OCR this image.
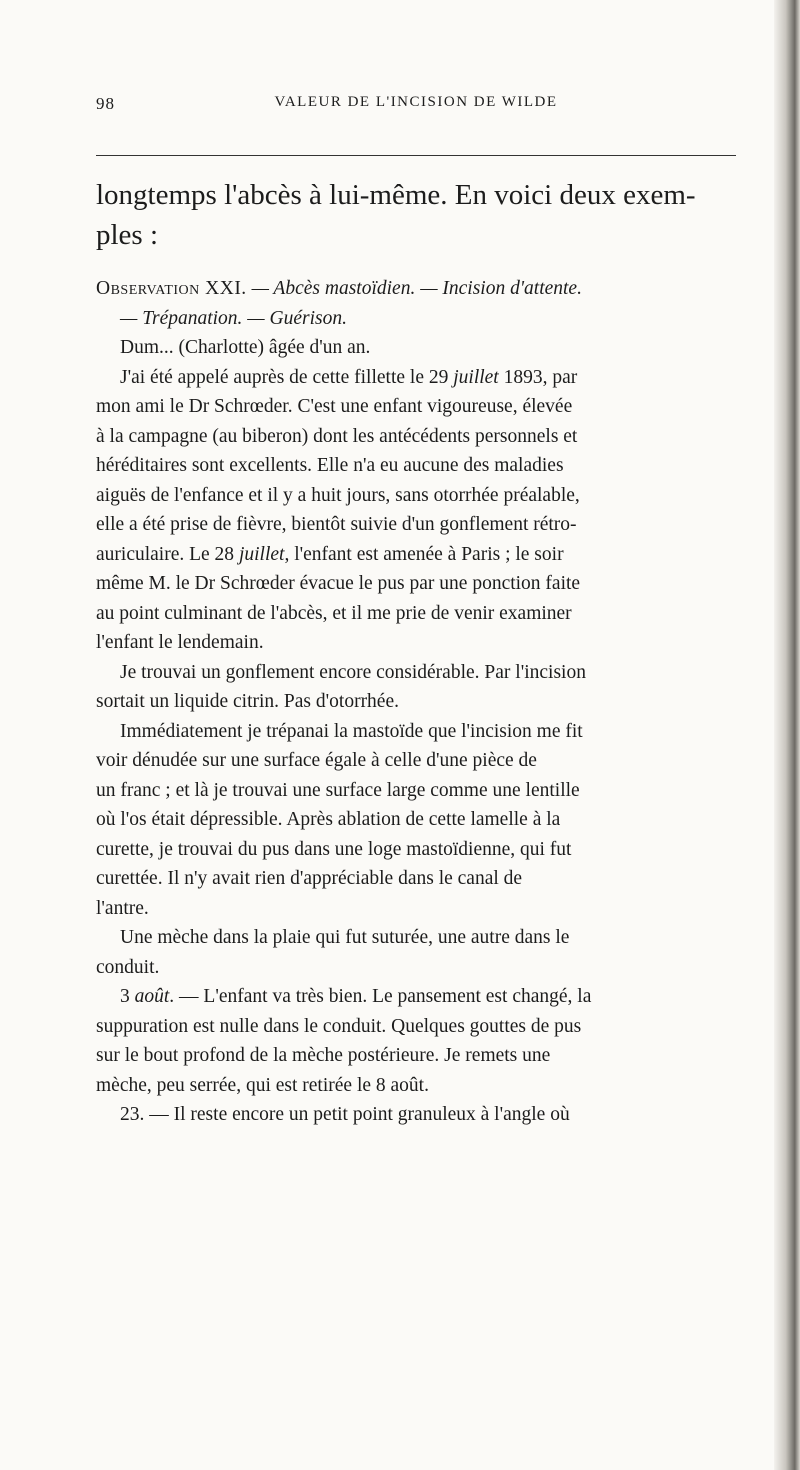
98	VALEUR DE L'INCISION DE WILDE
longtemps l'abcès à lui-même. En voici deux exem-
ples :
Observation XXI. — Abcès mastoïdien. — Incision d'attente.
— Trépanation. — Guérison.
Dum... (Charlotte) âgée d'un an.
J'ai été appelé auprès de cette fillette le 29 juillet 1893, par
mon ami le Dr Schrœder. C'est une enfant vigoureuse, élevée
à la campagne (au biberon) dont les antécédents personnels et
héréditaires sont excellents. Elle n'a eu aucune des maladies
aiguës de l'enfance et il y a huit jours, sans otorrhée préalable,
elle a été prise de fièvre, bientôt suivie d'un gonflement rétro-
auriculaire. Le 28 juillet, l'enfant est amenée à Paris ; le soir
même M. le Dr Schrœder évacue le pus par une ponction faite
au point culminant de l'abcès, et il me prie de venir examiner
l'enfant le lendemain.
Je trouvai un gonflement encore considérable. Par l'incision
sortait un liquide citrin. Pas d'otorrhée.
Immédiatement je trépanai la mastoïde que l'incision me fit
voir dénudée sur une surface égale à celle d'une pièce de
un franc ; et là je trouvai une surface large comme une lentille
où l'os était dépressible. Après ablation de cette lamelle à la
curette, je trouvai du pus dans une loge mastoïdienne, qui fut
curettée. Il n'y avait rien d'appréciable dans le canal de
l'antre.
Une mèche dans la plaie qui fut suturée, une autre dans le
conduit.
3 août. — L'enfant va très bien. Le pansement est changé, la
suppuration est nulle dans le conduit. Quelques gouttes de pus
sur le bout profond de la mèche postérieure. Je remets une
mèche, peu serrée, qui est retirée le 8 août.
23. — Il reste encore un petit point granuleux à l'angle où
